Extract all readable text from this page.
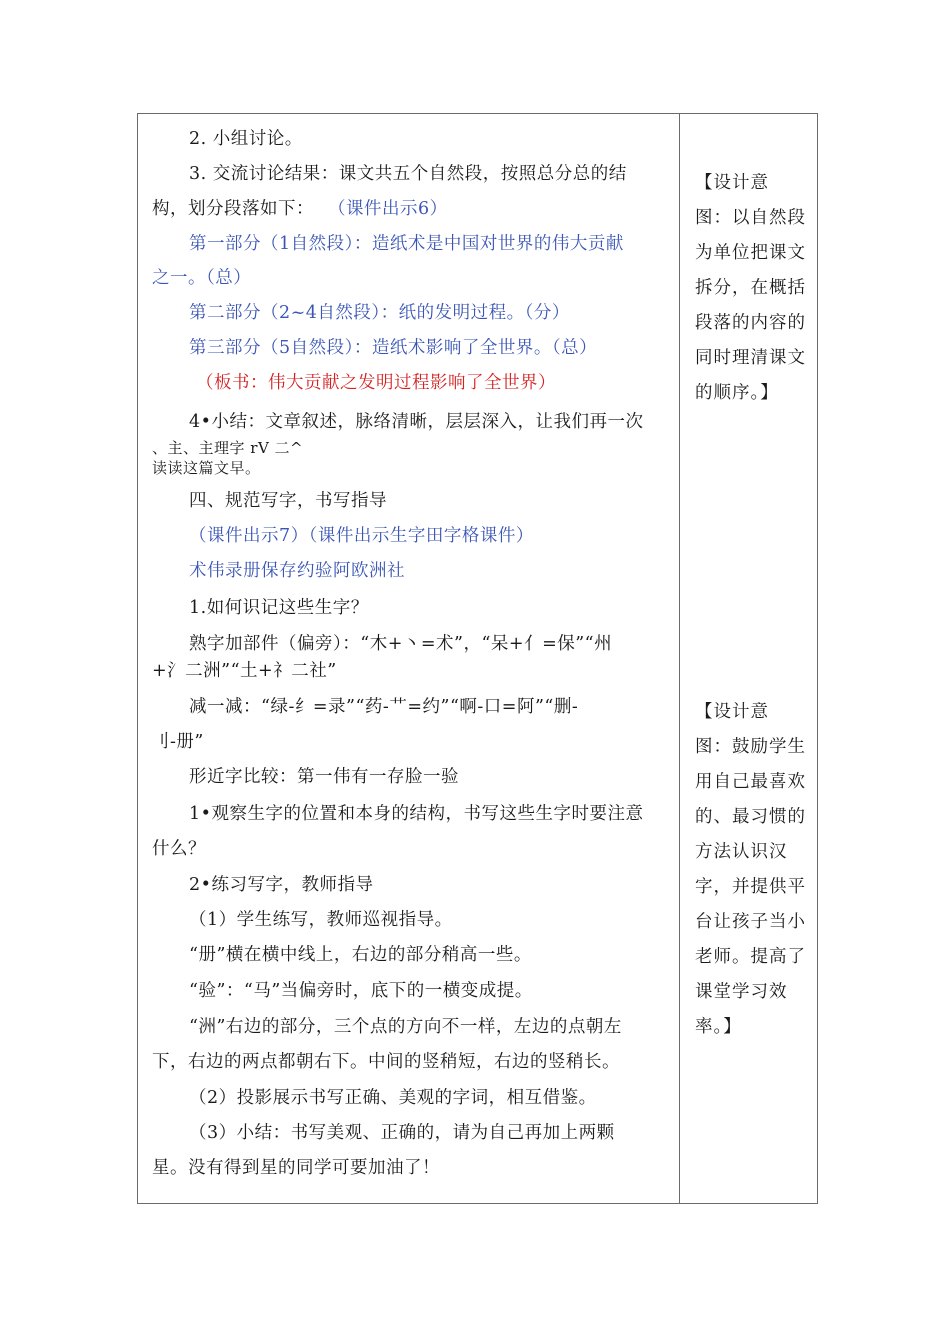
2. 小组讨论。
3. 交流讨论结果：课文共五个自然段，按照总分总的结
构，划分段落如下： （课件出示6）
第一部分（1自然段）：造纸术是中国对世界的伟大贡献
之一。（总）
第二部分（2~4自然段）：纸的发明过程。（分）
第三部分（5自然段）：造纸术影响了全世界。（总）
（板书：伟大贡献之发明过程影响了全世界）
4•小结：文章叙述，脉络清晰，层层深入，让我们再一次
、主、主理字 rV 二^
读读这篇文早。
四、规范写字，书写指导
（课件出示7）（课件出示生字田字格课件）
术伟录册保存约验阿欧洲社
1.如何识记这些生字？
熟字加部件（偏旁）：“木+丶=术”，“呆+亻=保”“州
+氵二洲”“土+礻二社”
减一减：“绿-纟=录”“药-艹=约”“啊-口=阿”“删-
刂-册”
形近字比较：第一伟有一存脸一验
1•观察生字的位置和本身的结构，书写这些生字时要注意
什么？
2•练习写字，教师指导
（1）学生练写，教师巡视指导。
“册”横在横中线上，右边的部分稍高一些。
“验”：“马”当偏旁时，底下的一横变成提。
“洲”右边的部分，三个点的方向不一样，左边的点朝左
下，右边的两点都朝右下。中间的竖稍短，右边的竖稍长。
（2）投影展示书写正确、美观的字词，相互借鉴。
（3）小结：书写美观、正确的，请为自己再加上两颗
星。没有得到星的同学可要加油了！
【设计意
图：以自然段
为单位把课文
拆分，在概括
段落的内容的
同时理清课文
的顺序。】
【设计意
图：鼓励学生
用自己最喜欢
的、最习惯的
方法认识汉
字，并提供平
台让孩子当小
老师。提高了
课堂学习效
率。】
